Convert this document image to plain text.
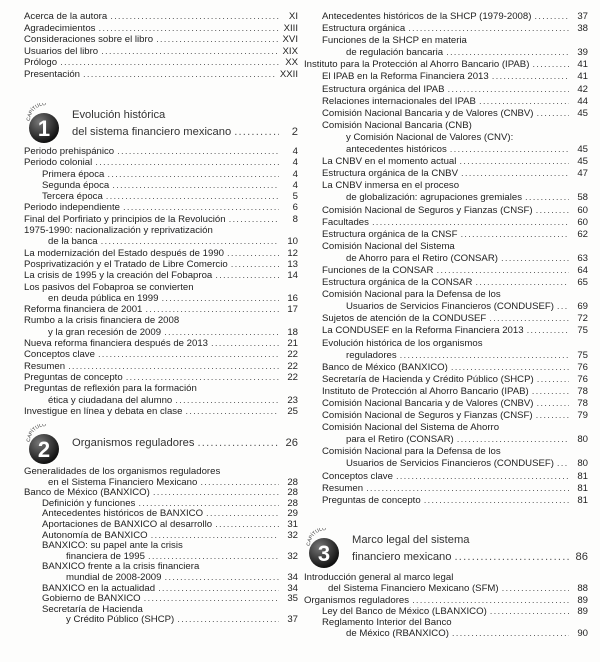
Acerca de la autora .....	XI
Agradecimientos .....	XIII
Consideraciones sobre el libro .....	XVI
Usuarios del libro .....	XIX
Prólogo .....	XX
Presentación .....	XXII
CAPÍTULO
1
Evolución histórica
del sistema financiero mexicano .....	2
Periodo prehispánico .....	4
Periodo colonial .....	4
Primera época .....	4
Segunda época .....	4
Tercera época .....	5
Periodo independiente .....	6
Final del Porfiriato y principios de la Revolución .....	8
1975-1990: nacionalización y reprivatización
de la banca .....	10
La modernización del Estado después de 1990 .....	12
Posprivatización y el Tratado de Libre Comercio .....	13
La crisis de 1995 y la creación del Fobaproa .....	14
Los pasivos del Fobaproa se convierten
en deuda pública en 1999 .....	16
Reforma financiera de 2001 .....	17
Rumbo a la crisis financiera de 2008
y la gran recesión de 2009 .....	18
Nueva reforma financiera después de 2013 .....	21
Conceptos clave .....	22
Resumen .....	22
Preguntas de concepto .....	22
Preguntas de reflexión para la formación
ética y ciudadana del alumno .....	23
Investigue en línea y debata en clase .....	25
CAPÍTULO
2 Organismos reguladores .....	26
Generalidades de los organismos reguladores
en el Sistema Financiero Mexicano .....	28
Banco de México (BANXICO) .....	28
Definición y funciones .....	28
Antecedentes históricos de BANXICO .....	29
Aportaciones de BANXICO al desarrollo .....	31
Autonomía de BANXICO .....	32
BANXICO: su papel ante la crisis
financiera de 1995 .....	32
BANXICO frente a la crisis financiera
mundial de 2008-2009 .....	34
BANXICO en la actualidad .....	34
Gobierno de BANXICO .....	35
Secretaría de Hacienda
y Crédito Público (SHCP) .....	37
Antecedentes históricos de la SHCP (1979-2008) .....	37
Estructura orgánica .....	38
Funciones de la SHCP en materia
de regulación bancaria .....	39
Instituto para la Protección al Ahorro Bancario (IPAB) .....	41
El IPAB en la Reforma Financiera 2013 .....	41
Estructura orgánica del IPAB .....	42
Relaciones internacionales del IPAB .....	44
Comisión Nacional Bancaria y de Valores (CNBV) .....	45
Comisión Nacional Bancaria (CNB)
y Comisión Nacional de Valores (CNV):
antecedentes históricos .....	45
La CNBV en el momento actual .....	45
Estructura orgánica de la CNBV .....	47
La CNBV inmersa en el proceso
de globalización: agrupaciones gremiales .....	58
Comisión Nacional de Seguros y Fianzas (CNSF) .....	60
Facultades .....	60
Estructura orgánica de la CNSF .....	62
Comisión Nacional del Sistema
de Ahorro para el Retiro (CONSAR) .....	63
Funciones de la CONSAR .....	64
Estructura orgánica de la CONSAR .....	65
Comisión Nacional para la Defensa de los
Usuarios de Servicios Financieros (CONDUSEF) .....	69
Sujetos de atención de la CONDUSEF .....	72
La CONDUSEF en la Reforma Financiera 2013 .....	75
Evolución histórica de los organismos
reguladores .....	75
Banco de México (BANXICO) .....	76
Secretaría de Hacienda y Crédito Público (SHCP) .....	76
Instituto de Protección al Ahorro Bancario (IPAB) .....	78
Comisión Nacional Bancaria y de Valores (CNBV) .....	78
Comisión Nacional de Seguros y Fianzas (CNSF) .....	79
Comisión Nacional del Sistema de Ahorro
para el Retiro (CONSAR) .....	80
Comisión Nacional para la Defensa de los
Usuarios de Servicios Financieros (CONDUSEF) .....	80
Conceptos clave .....	81
Resumen .....	81
Preguntas de concepto .....	81
CAPÍTULO
3
Marco legal del sistema
financiero mexicano .....	86
Introducción general al marco legal
del Sistema Financiero Mexicano (SFM) .....	88
Organismos reguladores .....	89
Ley del Banco de México (LBANXICO) .....	89
Reglamento Interior del Banco
de México (RBANXICO) .....	90
